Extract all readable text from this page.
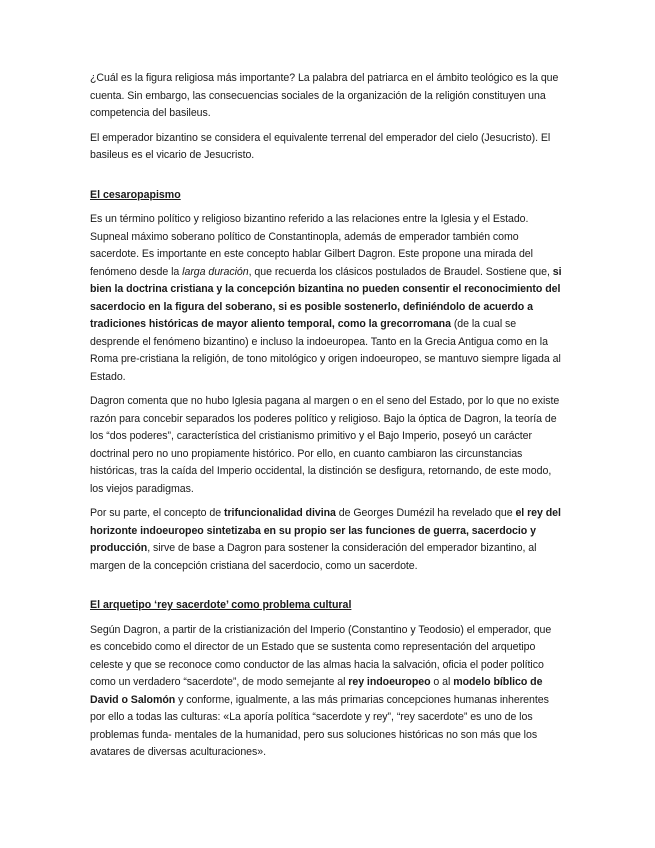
¿Cuál es la figura religiosa más importante? La palabra del patriarca en el ámbito teológico es la que cuenta. Sin embargo, las consecuencias sociales de la organización de la religión constituyen una competencia del basileus.

El emperador bizantino se considera el equivalente terrenal del emperador del cielo (Jesucristo). El basileus es el vicario de Jesucristo.

El cesaropapismo

Es un término político y religioso bizantino referido a las relaciones entre la Iglesia y el Estado. Supneal máximo soberano político de Constantinopla, además de emperador también como sacerdote. Es importante en este concepto hablar Gilbert Dagron. Este propone una mirada del fenómeno desde la larga duración, que recuerda los clásicos postulados de Braudel. Sostiene que, si bien la doctrina cristiana y la concepción bizantina no pueden consentir el reconocimiento del sacerdocio en la figura del soberano, si es posible sostenerlo, definiéndolo de acuerdo a tradiciones históricas de mayor aliento temporal, como la grecorromana (de la cual se desprende el fenómeno bizantino) e incluso la indoeuropea. Tanto en la Grecia Antigua como en la Roma pre-cristiana la religión, de tono mitológico y origen indoeuropeo, se mantuvo siempre ligada al Estado.

Dagron comenta que no hubo Iglesia pagana al margen o en el seno del Estado, por lo que no existe razón para concebir separados los poderes político y religioso. Bajo la óptica de Dagron, la teoría de los “dos poderes”, característica del cristianismo primitivo y el Bajo Imperio, poseyó un carácter doctrinal pero no uno propiamente histórico. Por ello, en cuanto cambiaron las circunstancias históricas, tras la caída del Imperio occidental, la distinción se desfigura, retornando, de este modo, los viejos paradigmas.

Por su parte, el concepto de trifuncionalidad divina de Georges Dumézil ha revelado que el rey del horizonte indoeuropeo sintetizaba en su propio ser las funciones de guerra, sacerdocio y producción, sirve de base a Dagron para sostener la consideración del emperador bizantino, al margen de la concepción cristiana del sacerdocio, como un sacerdote.

El arquetipo ‘rey sacerdote’ como problema cultural

Según Dagron, a partir de la cristianización del Imperio (Constantino y Teodosio) el emperador, que es concebido como el director de un Estado que se sustenta como representación del arquetipo celeste y que se reconoce como conductor de las almas hacia la salvación, oficia el poder político como un verdadero “sacerdote”, de modo semejante al rey indoeuropeo o al modelo bíblico de David o Salomón y conforme, igualmente, a las más primarias concepciones humanas inherentes por ello a todas las culturas: «La aporía política “sacerdote y rey”, “rey sacerdote” es uno de los problemas funda- mentales de la humanidad, pero sus soluciones históricas no son más que los avatares de diversas aculturaciones».
